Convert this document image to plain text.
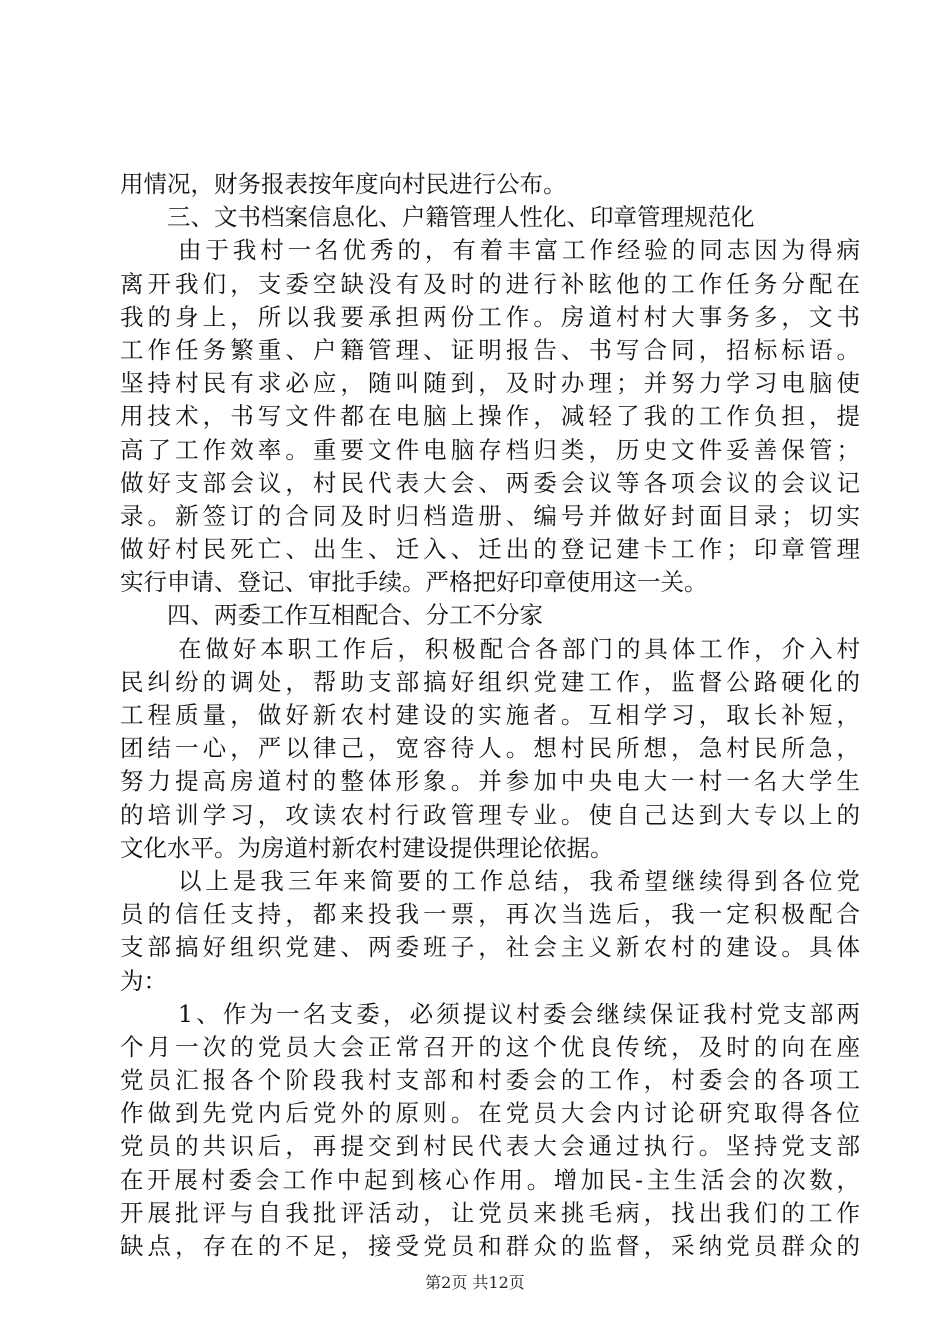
用情况，财务报表按年度向村民进行公布。
三、文书档案信息化、户籍管理人性化、印章管理规范化
由于我村一名优秀的，有着丰富工作经验的同志因为得病
离开我们，支委空缺没有及时的进行补眩他的工作任务分配在
我的身上，所以我要承担两份工作。房道村村大事务多，文书
工作任务繁重、户籍管理、证明报告、书写合同，招标标语。
坚持村民有求必应，随叫随到，及时办理；并努力学习电脑使
用技术，书写文件都在电脑上操作，减轻了我的工作负担，提
高了工作效率。重要文件电脑存档归类，历史文件妥善保管；
做好支部会议，村民代表大会、两委会议等各项会议的会议记
录。新签订的合同及时归档造册、编号并做好封面目录；切实
做好村民死亡、出生、迁入、迁出的登记建卡工作；印章管理
实行申请、登记、审批手续。严格把好印章使用这一关。
四、两委工作互相配合、分工不分家
在做好本职工作后，积极配合各部门的具体工作，介入村
民纠纷的调处，帮助支部搞好组织党建工作，监督公路硬化的
工程质量，做好新农村建设的实施者。互相学习，取长补短，
团结一心，严以律己，宽容待人。想村民所想，急村民所急，
努力提高房道村的整体形象。并参加中央电大一村一名大学生
的培训学习，攻读农村行政管理专业。使自己达到大专以上的
文化水平。为房道村新农村建设提供理论依据。
以上是我三年来简要的工作总结，我希望继续得到各位党
员的信任支持，都来投我一票，再次当选后，我一定积极配合
支部搞好组织党建、两委班子，社会主义新农村的建设。具体
为：
1、作为一名支委，必须提议村委会继续保证我村党支部两
个月一次的党员大会正常召开的这个优良传统，及时的向在座
党员汇报各个阶段我村支部和村委会的工作，村委会的各项工
作做到先党内后党外的原则。在党员大会内讨论研究取得各位
党员的共识后，再提交到村民代表大会通过执行。坚持党支部
在开展村委会工作中起到核心作用。增加民-主生活会的次数，
开展批评与自我批评活动，让党员来挑毛病，找出我们的工作
缺点，存在的不足，接受党员和群众的监督，采纳党员群众的
第2页 共12页
